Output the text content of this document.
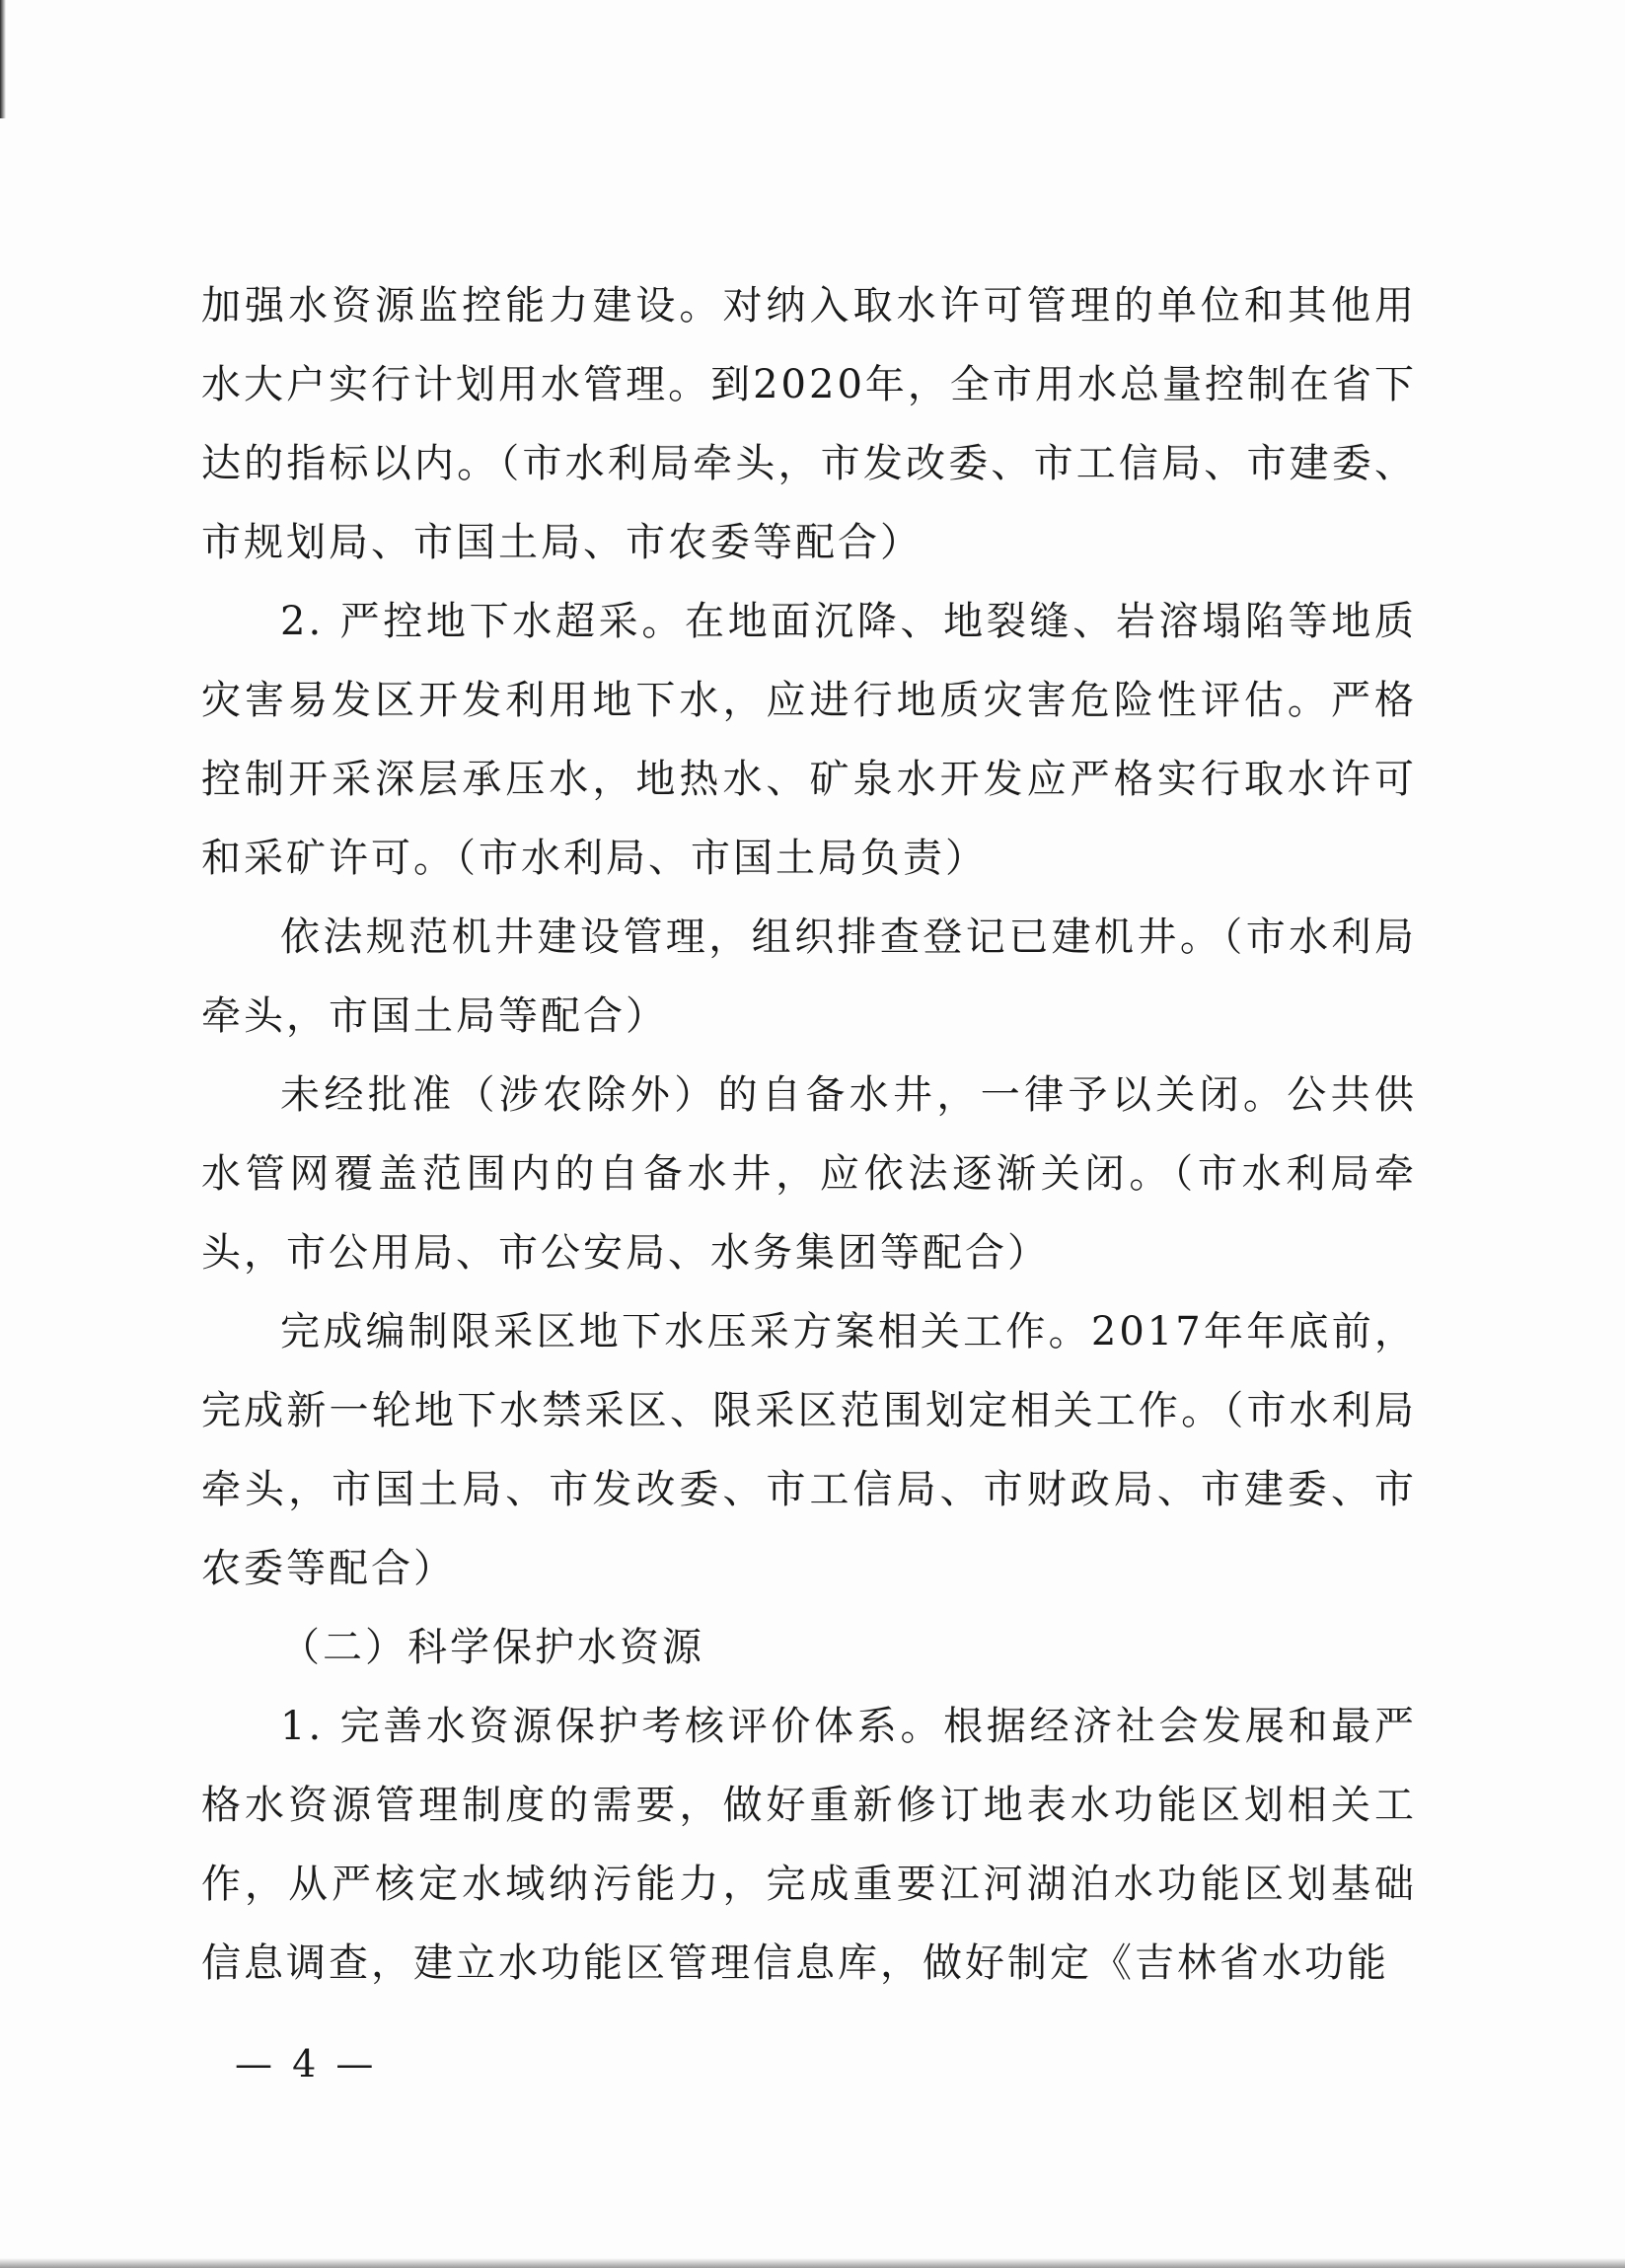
加强水资源监控能力建设。对纳入取水许可管理的单位和其他用水大户实行计划用水管理。到2020年，全市用水总量控制在省下达的指标以内。（市水利局牵头，市发改委、市工信局、市建委、市规划局、市国土局、市农委等配合）

2. 严控地下水超采。在地面沉降、地裂缝、岩溶塌陷等地质灾害易发区开发利用地下水，应进行地质灾害危险性评估。严格控制开采深层承压水，地热水、矿泉水开发应严格实行取水许可和采矿许可。（市水利局、市国土局负责）

依法规范机井建设管理，组织排查登记已建机井。（市水利局牵头，市国土局等配合）

未经批准（涉农除外）的自备水井，一律予以关闭。公共供水管网覆盖范围内的自备水井，应依法逐渐关闭。（市水利局牵头，市公用局、市公安局、水务集团等配合）

完成编制限采区地下水压采方案相关工作。2017年年底前，完成新一轮地下水禁采区、限采区范围划定相关工作。（市水利局牵头，市国土局、市发改委、市工信局、市财政局、市建委、市农委等配合）

（二）科学保护水资源

1. 完善水资源保护考核评价体系。根据经济社会发展和最严格水资源管理制度的需要，做好重新修订地表水功能区划相关工作，从严核定水域纳污能力，完成重要江河湖泊水功能区划基础信息调查，建立水功能区管理信息库，做好制定《吉林省水功能

— 4 —
